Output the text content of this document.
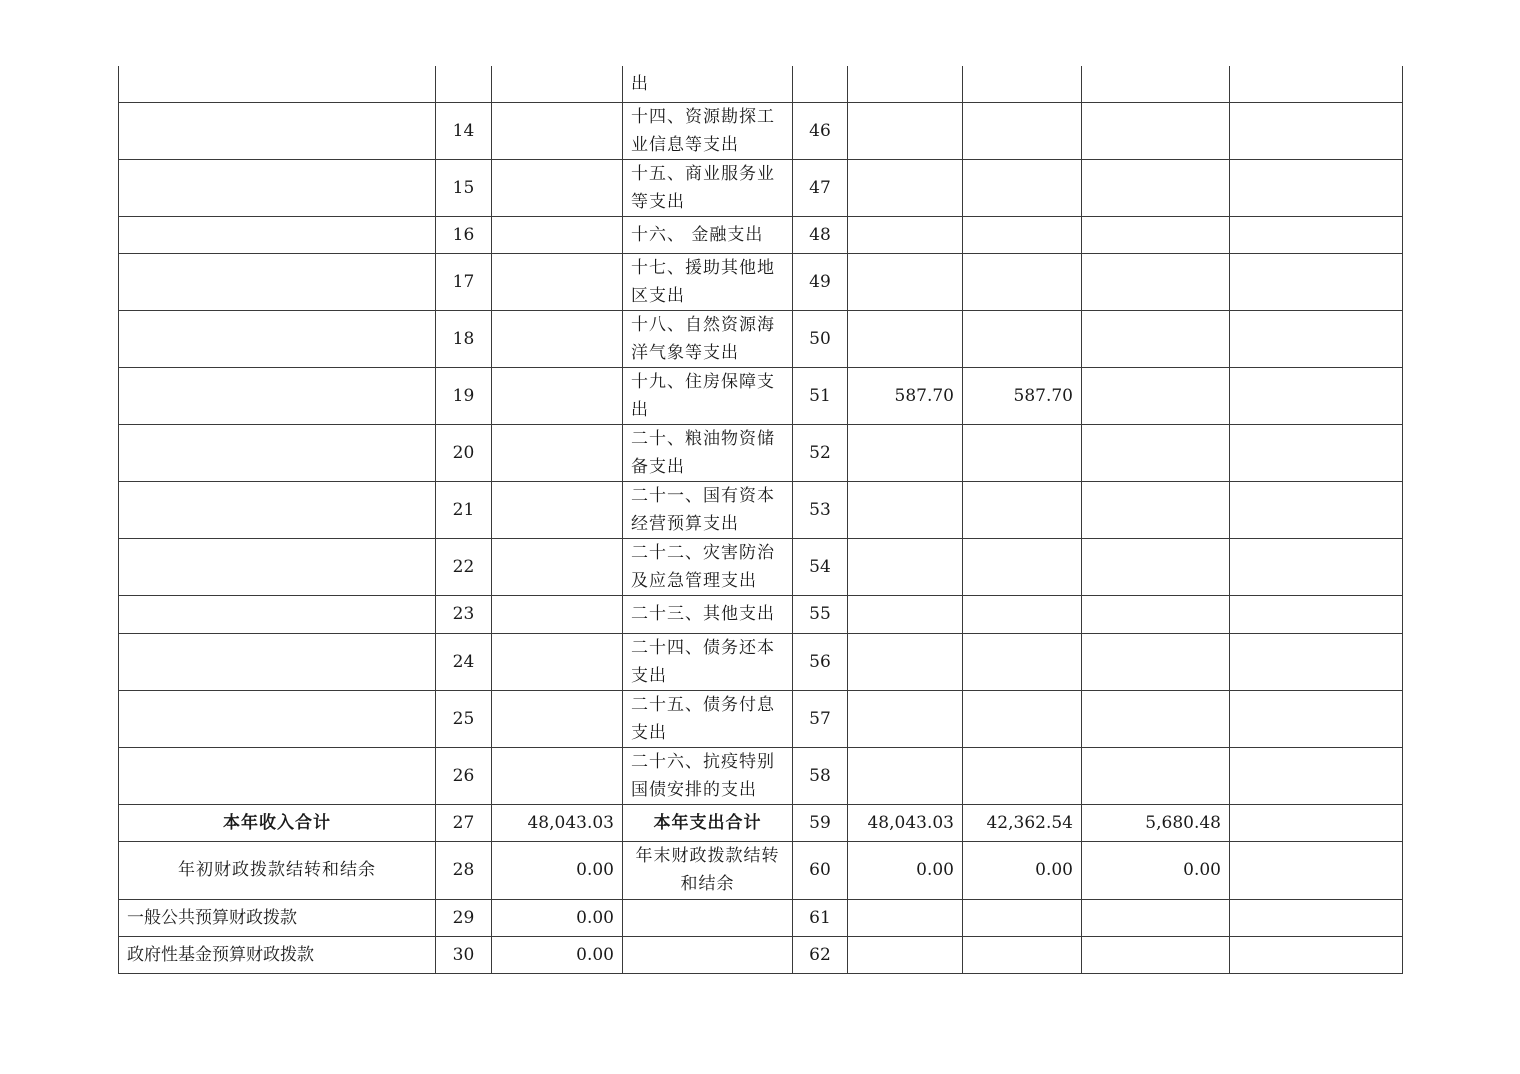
			出					
	14		十四、资源勘探工业信息等支出	46				
	15		十五、商业服务业等支出	47				
	16		十六、 金融支出	48				
	17		十七、援助其他地区支出	49				
	18		十八、自然资源海洋气象等支出	50				
	19		十九、住房保障支出	51	587.70	587.70		
	20		二十、粮油物资储备支出	52				
	21		二十一、国有资本经营预算支出	53				
	22		二十二、灾害防治及应急管理支出	54				
	23		二十三、其他支出	55				
	24		二十四、债务还本支出	56				
	25		二十五、债务付息支出	57				
	26		二十六、抗疫特别国债安排的支出	58				
本年收入合计	27	48,043.03	本年支出合计	59	48,043.03	42,362.54	5,680.48	
年初财政拨款结转和结余	28	0.00	年末财政拨款结转和结余	60	0.00	0.00	0.00	
一般公共预算财政拨款	29	0.00		61				
政府性基金预算财政拨款	30	0.00		62				
